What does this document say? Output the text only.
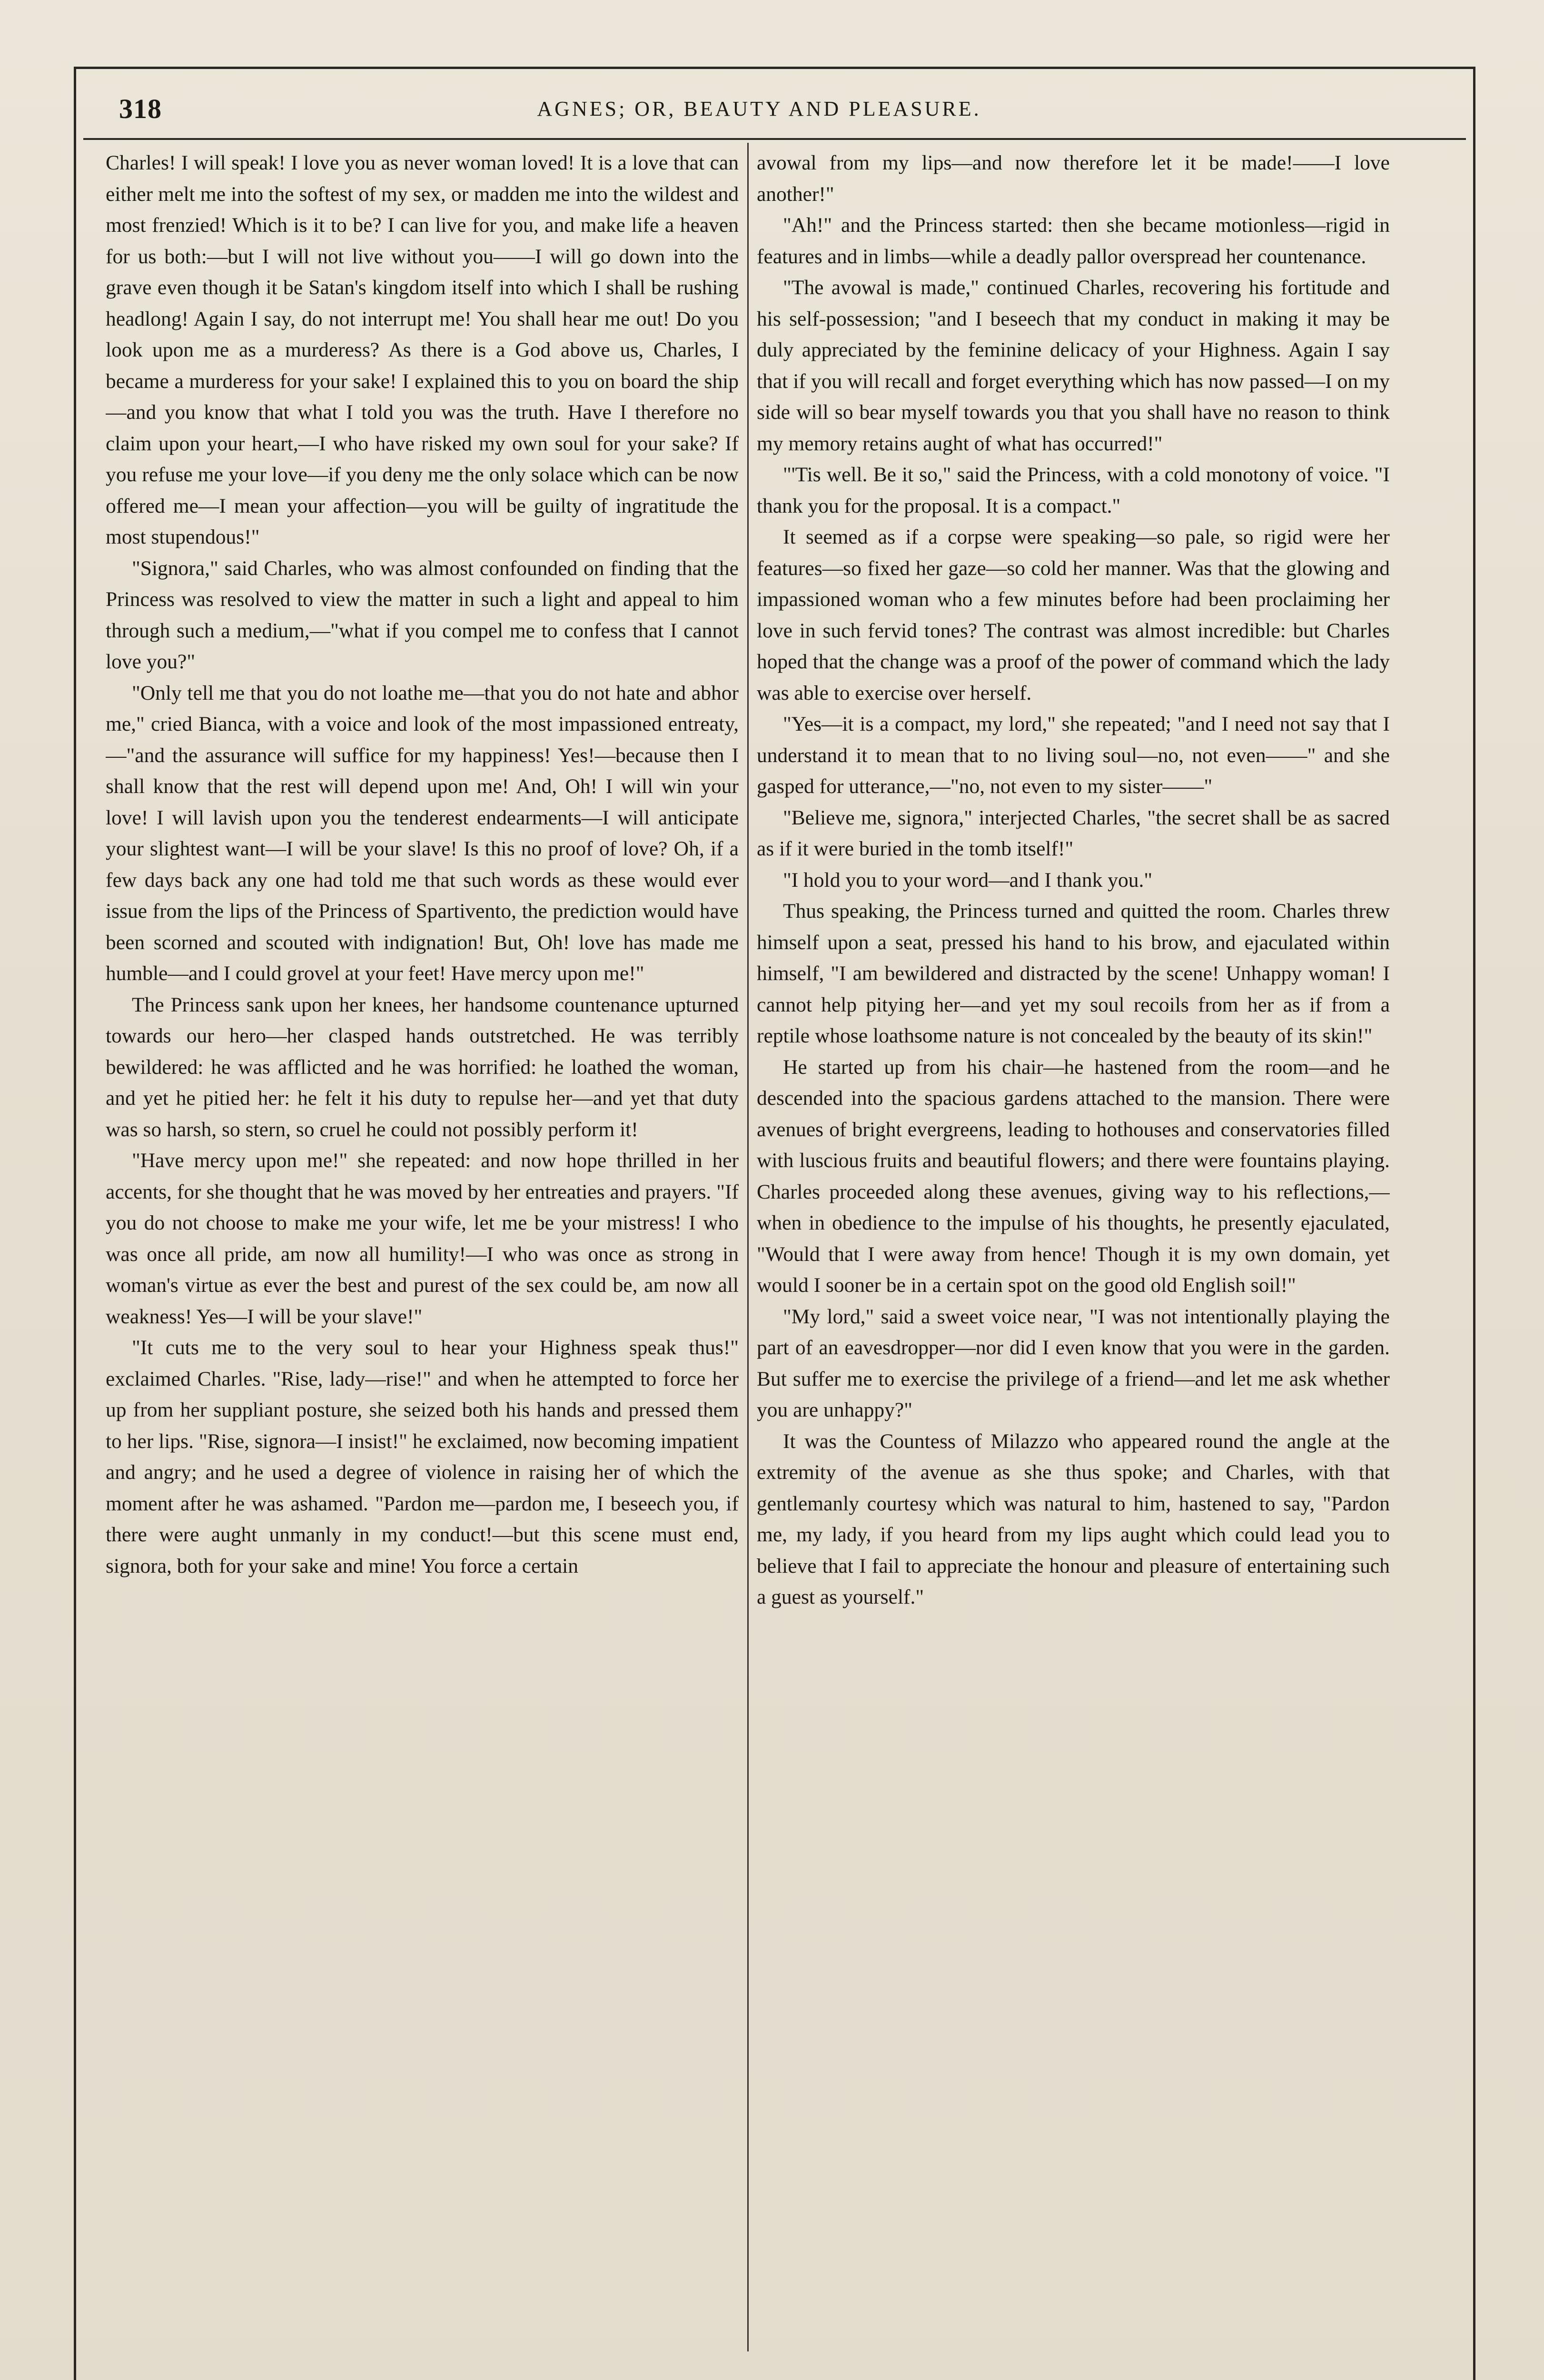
318	AGNES; OR, BEAUTY AND PLEASURE.

Charles! I will speak! I love you as never woman loved! It is a love that can either melt me into the softest of my sex, or madden me into the wildest and most frenzied! Which is it to be? I can live for you, and make life a heaven for us both:—but I will not live without you——I will go down into the grave even though it be Satan's kingdom itself into which I shall be rushing headlong! Again I say, do not interrupt me! You shall hear me out! Do you look upon me as a murderess? As there is a God above us, Charles, I became a murderess for your sake! I explained this to you on board the ship—and you know that what I told you was the truth. Have I therefore no claim upon your heart,—I who have risked my own soul for your sake? If you refuse me your love—if you deny me the only solace which can be now offered me—I mean your affection—you will be guilty of ingratitude the most stupendous!"

"Signora," said Charles, who was almost confounded on finding that the Princess was resolved to view the matter in such a light and appeal to him through such a medium,—"what if you compel me to confess that I cannot love you?"

"Only tell me that you do not loathe me—that you do not hate and abhor me," cried Bianca, with a voice and look of the most impassioned entreaty,—"and the assurance will suffice for my happiness! Yes!—because then I shall know that the rest will depend upon me! And, Oh! I will win your love! I will lavish upon you the tenderest endearments—I will anticipate your slightest want—I will be your slave! Is this no proof of love? Oh, if a few days back any one had told me that such words as these would ever issue from the lips of the Princess of Spartivento, the prediction would have been scorned and scouted with indignation! But, Oh! love has made me humble—and I could grovel at your feet! Have mercy upon me!"

The Princess sank upon her knees, her handsome countenance upturned towards our hero—her clasped hands outstretched. He was terribly bewildered: he was afflicted and he was horrified: he loathed the woman, and yet he pitied her: he felt it his duty to repulse her—and yet that duty was so harsh, so stern, so cruel he could not possibly perform it!

"Have mercy upon me!" she repeated: and now hope thrilled in her accents, for she thought that he was moved by her entreaties and prayers. "If you do not choose to make me your wife, let me be your mistress! I who was once all pride, am now all humility!—I who was once as strong in woman's virtue as ever the best and purest of the sex could be, am now all weakness! Yes—I will be your slave!"

"It cuts me to the very soul to hear your Highness speak thus!" exclaimed Charles. "Rise, lady—rise!" and when he attempted to force her up from her suppliant posture, she seized both his hands and pressed them to her lips. "Rise, signora—I insist!" he exclaimed, now becoming impatient and angry; and he used a degree of violence in raising her of which the moment after he was ashamed. "Pardon me—pardon me, I beseech you, if there were aught unmanly in my conduct!—but this scene must end, signora, both for your sake and mine! You force a certain

avowal from my lips—and now therefore let it be made!——I love another!"

"Ah!" and the Princess started: then she became motionless—rigid in features and in limbs—while a deadly pallor overspread her countenance.

"The avowal is made," continued Charles, recovering his fortitude and his self-possession; "and I beseech that my conduct in making it may be duly appreciated by the feminine delicacy of your Highness. Again I say that if you will recall and forget everything which has now passed—I on my side will so bear myself towards you that you shall have no reason to think my memory retains aught of what has occurred!"

"'Tis well. Be it so," said the Princess, with a cold monotony of voice. "I thank you for the proposal. It is a compact."

It seemed as if a corpse were speaking—so pale, so rigid were her features—so fixed her gaze—so cold her manner. Was that the glowing and impassioned woman who a few minutes before had been proclaiming her love in such fervid tones? The contrast was almost incredible: but Charles hoped that the change was a proof of the power of command which the lady was able to exercise over herself.

"Yes—it is a compact, my lord," she repeated; "and I need not say that I understand it to mean that to no living soul—no, not even——" and she gasped for utterance,—"no, not even to my sister——"

"Believe me, signora," interjected Charles, "the secret shall be as sacred as if it were buried in the tomb itself!"

"I hold you to your word—and I thank you."

Thus speaking, the Princess turned and quitted the room. Charles threw himself upon a seat, pressed his hand to his brow, and ejaculated within himself, "I am bewildered and distracted by the scene! Unhappy woman! I cannot help pitying her—and yet my soul recoils from her as if from a reptile whose loathsome nature is not concealed by the beauty of its skin!"

He started up from his chair—he hastened from the room—and he descended into the spacious gardens attached to the mansion. There were avenues of bright evergreens, leading to hothouses and conservatories filled with luscious fruits and beautiful flowers; and there were fountains playing. Charles proceeded along these avenues, giving way to his reflections,—when in obedience to the impulse of his thoughts, he presently ejaculated, "Would that I were away from hence! Though it is my own domain, yet would I sooner be in a certain spot on the good old English soil!"

"My lord," said a sweet voice near, "I was not intentionally playing the part of an eavesdropper—nor did I even know that you were in the garden. But suffer me to exercise the privilege of a friend—and let me ask whether you are unhappy?"

It was the Countess of Milazzo who appeared round the angle at the extremity of the avenue as she thus spoke; and Charles, with that gentlemanly courtesy which was natural to him, hastened to say, "Pardon me, my lady, if you heard from my lips aught which could lead you to believe that I fail to appreciate the honour and pleasure of entertaining such a guest as yourself."
